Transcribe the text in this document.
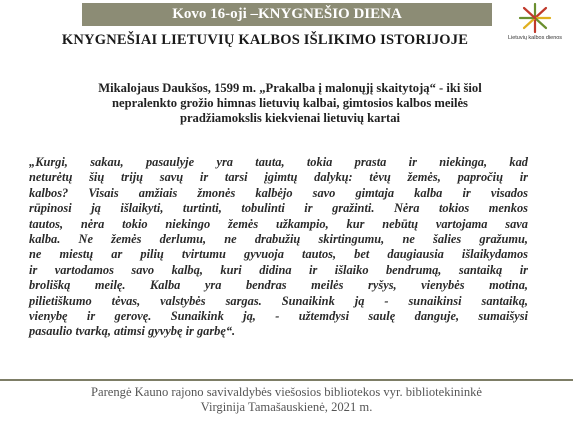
Kovo 16-oji –KNYGNEŠIO DIENA
Lietuvių kalbos dienos
KNYGNEŠIAI LIETUVIŲ KALBOS IŠLIKIMO ISTORIJOJE

Mikalojaus Daukšos, 1599 m. „Prakalba į malonųjį skaitytoją“ - iki šiol

nepralenkto grožio himnas lietuvių kalbai, gimtosios kalbos meilės

pradžiamokslis kiekvienai lietuvių kartai

„Kurgi, sakau, pasaulyje yra tauta, tokia prasta ir niekinga, kad

neturėtų šių trijų savų ir tarsi įgimtų dalykų: tėvų žemės, papročių ir

kalbos? Visais amžiais žmonės kalbėjo savo gimtaja kalba ir visados

rūpinosi ją išlaikyti, turtinti, tobulinti ir gražinti. Nėra tokios menkos

tautos, nėra tokio niekingo žemės užkampio, kur nebūtų vartojama sava

kalba. Ne žemės derlumu, ne drabužių skirtingumu, ne šalies gražumu,

ne miestų ar pilių tvirtumu gyvuoja tautos, bet daugiausia išlaikydamos

ir vartodamos savo kalbą, kuri didina ir išlaiko bendrumą, santaiką ir

brolišką meilę. Kalba yra bendras meilės ryšys, vienybės motina,

pilietiškumo tėvas, valstybės sargas. Sunaikink ją - sunaikinsi santaiką,

vienybę ir gerovę. Sunaikink ją, - užtemdysi saulę danguje, sumaišysi

pasaulio tvarką, atimsi gyvybę ir garbę“.

Parengė Kauno rajono savivaldybės viešosios bibliotekos vyr. bibliotekininkė

Virginija Tamašauskienė, 2021 m.
